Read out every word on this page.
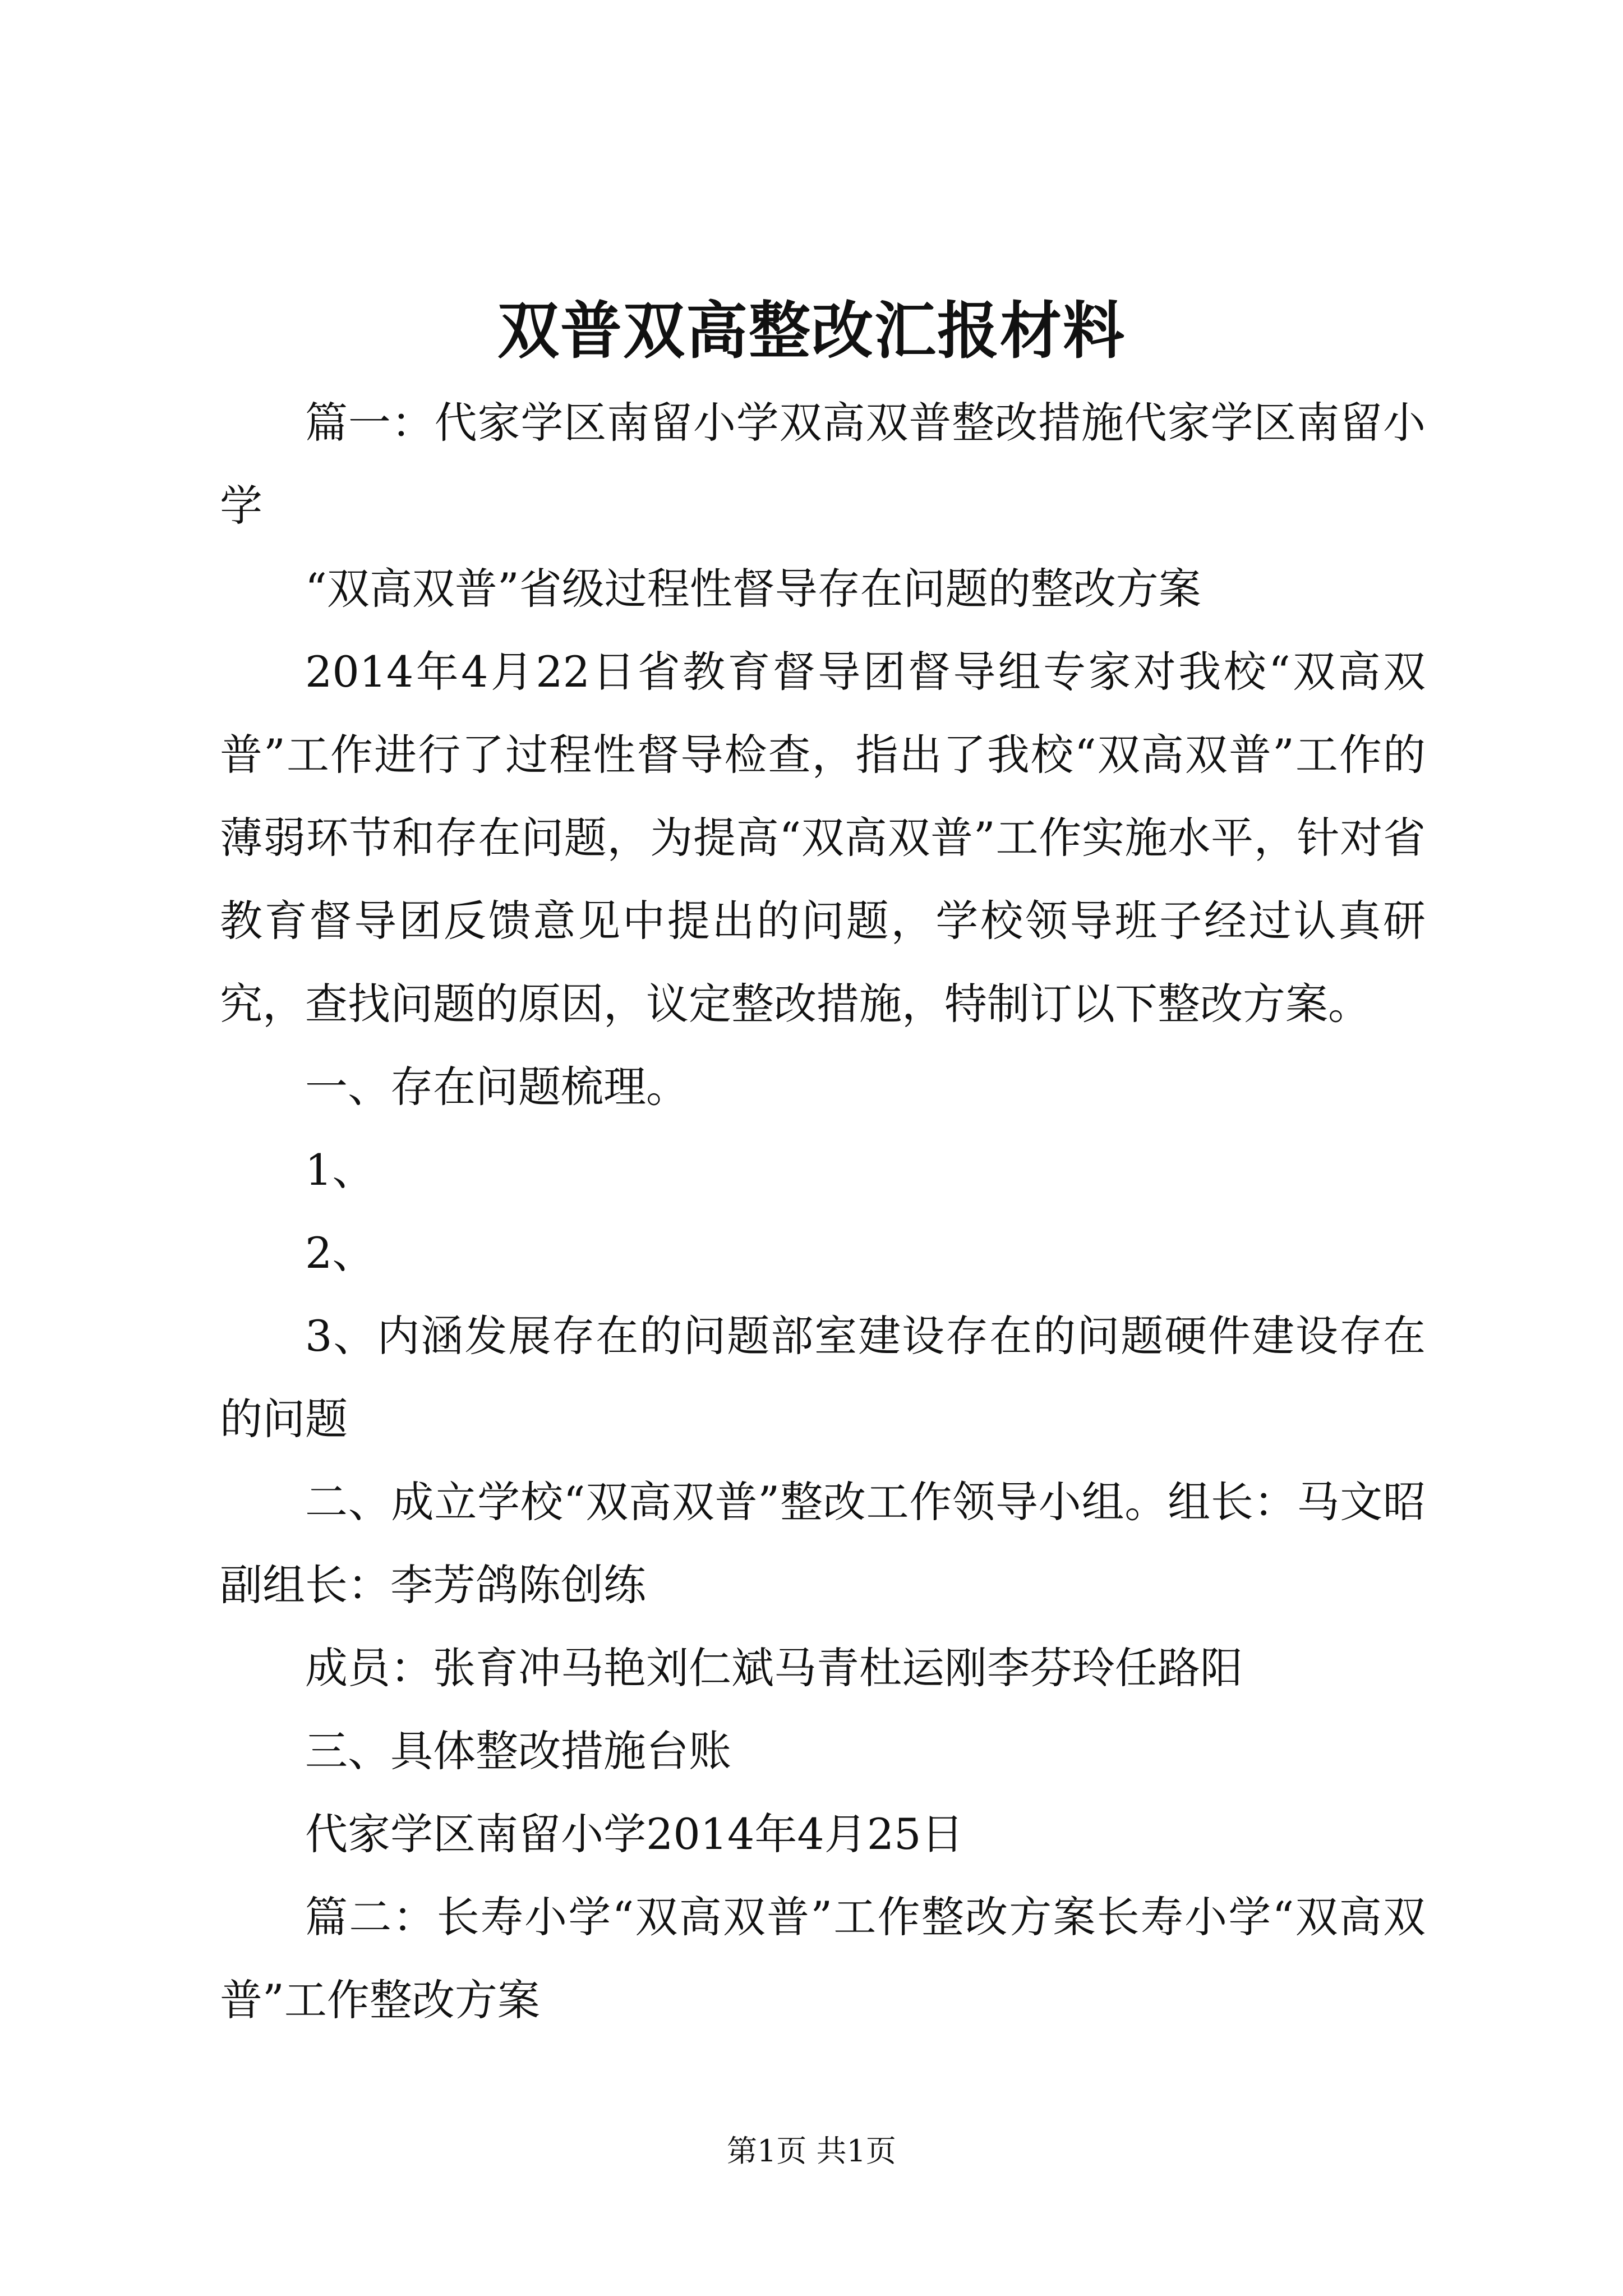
双普双高整改汇报材料

篇一：代家学区南留小学双高双普整改措施代家学区南留小学

“双高双普”省级过程性督导存在问题的整改方案

2014年4月22日省教育督导团督导组专家对我校“双高双普”工作进行了过程性督导检查，指出了我校“双高双普”工作的薄弱环节和存在问题，为提高“双高双普”工作实施水平，针对省教育督导团反馈意见中提出的问题，学校领导班子经过认真研究，查找问题的原因，议定整改措施，特制订以下整改方案。

一、存在问题梳理。

1、

2、

3、内涵发展存在的问题部室建设存在的问题硬件建设存在的问题

二、成立学校“双高双普”整改工作领导小组。组长：马文昭副组长：李芳鸽陈创练

成员：张育冲马艳刘仁斌马青杜运刚李芬玲任路阳

三、具体整改措施台账

代家学区南留小学2014年4月25日

篇二：长寿小学“双高双普”工作整改方案长寿小学“双高双普”工作整改方案

第1页 共1页
